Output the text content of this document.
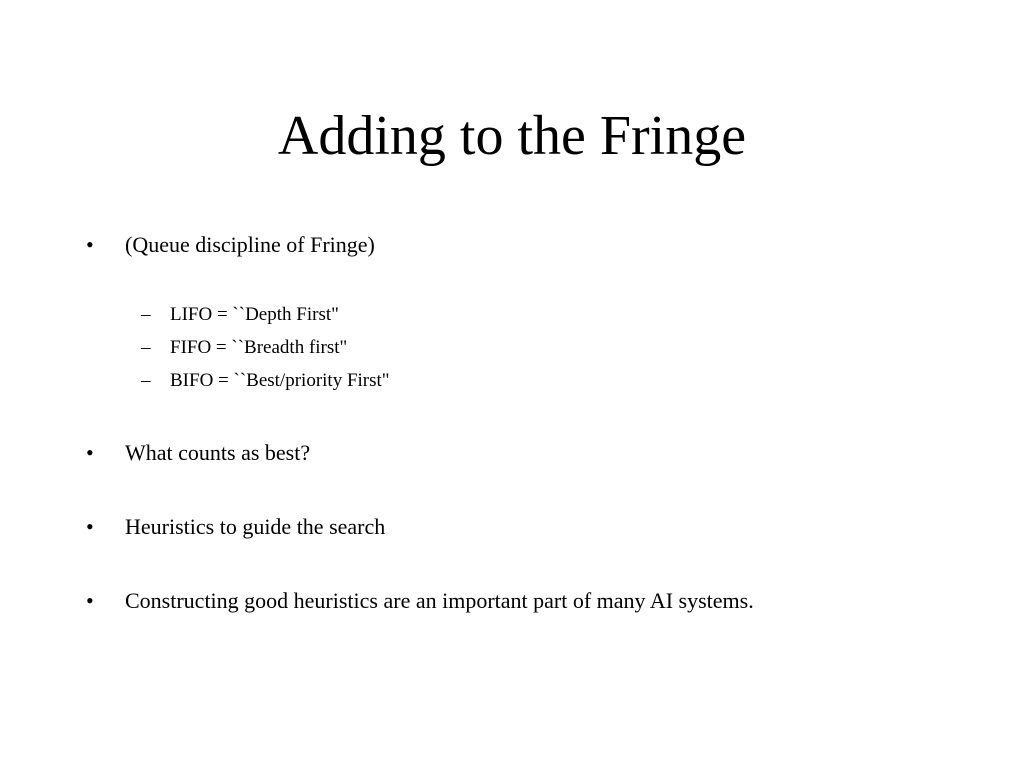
Adding to the Fringe
• (Queue discipline of Fringe)
– LIFO = ``Depth First"
– FIFO = ``Breadth first"
– BIFO = ``Best/priority First"
• What counts as best?
• Heuristics to guide the search
• Constructing good heuristics are an important part of many AI systems.
